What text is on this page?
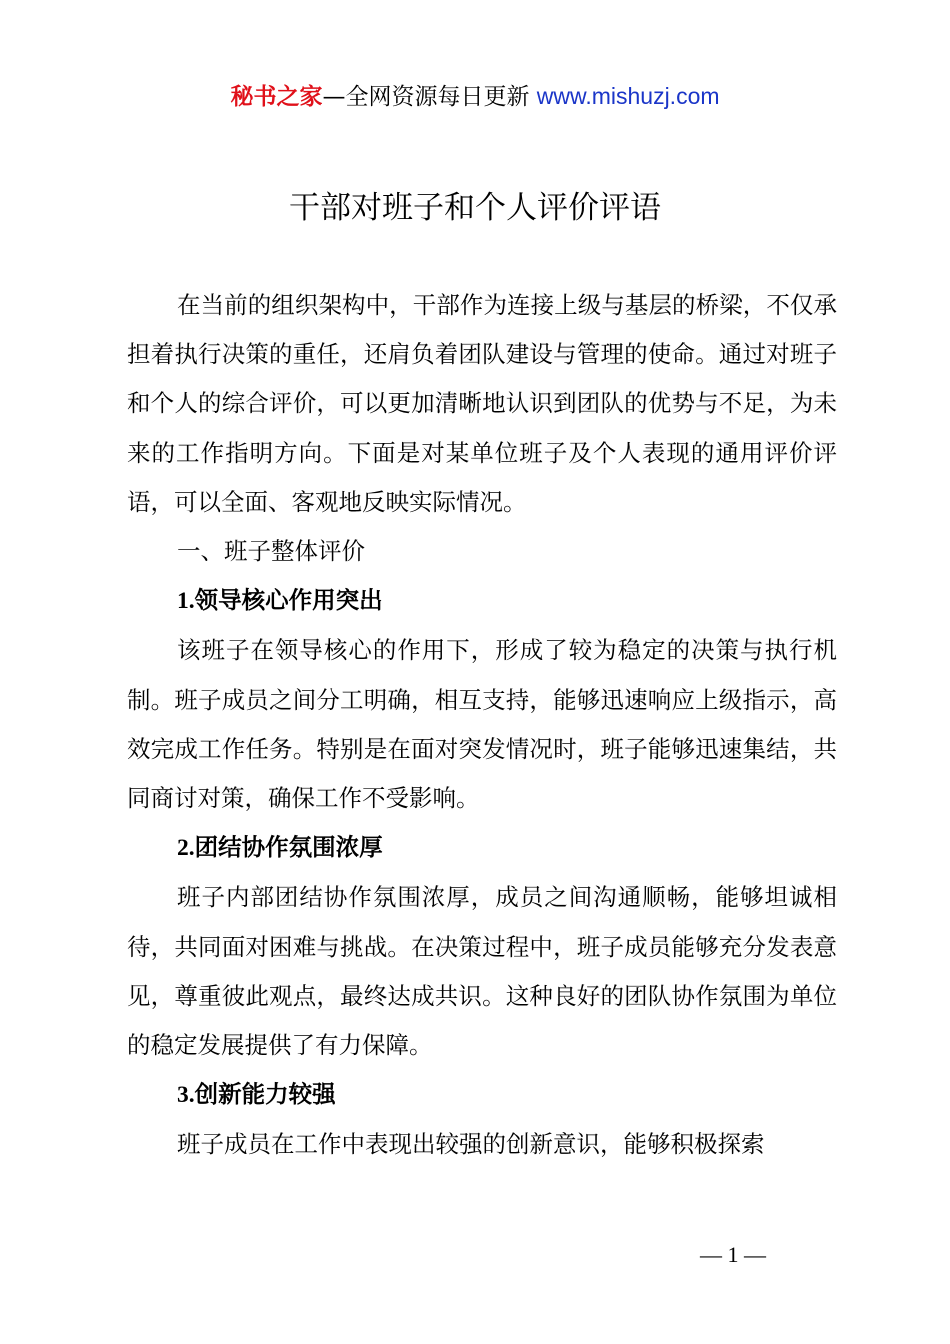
秘书之家—全网资源每日更新 www.mishuzj.com
干部对班子和个人评价评语

在当前的组织架构中，干部作为连接上级与基层的桥梁，不仅承担着执行决策的重任，还肩负着团队建设与管理的使命。通过对班子和个人的综合评价，可以更加清晰地认识到团队的优势与不足，为未来的工作指明方向。下面是对某单位班子及个人表现的通用评价评语，可以全面、客观地反映实际情况。

一、班子整体评价

1.领导核心作用突出

该班子在领导核心的作用下，形成了较为稳定的决策与执行机制。班子成员之间分工明确，相互支持，能够迅速响应上级指示，高效完成工作任务。特别是在面对突发情况时，班子能够迅速集结，共同商讨对策，确保工作不受影响。

2.团结协作氛围浓厚

班子内部团结协作氛围浓厚，成员之间沟通顺畅，能够坦诚相待，共同面对困难与挑战。在决策过程中，班子成员能够充分发表意见，尊重彼此观点，最终达成共识。这种良好的团队协作氛围为单位的稳定发展提供了有力保障。

3.创新能力较强

班子成员在工作中表现出较强的创新意识，能够积极探索

— 1 —
